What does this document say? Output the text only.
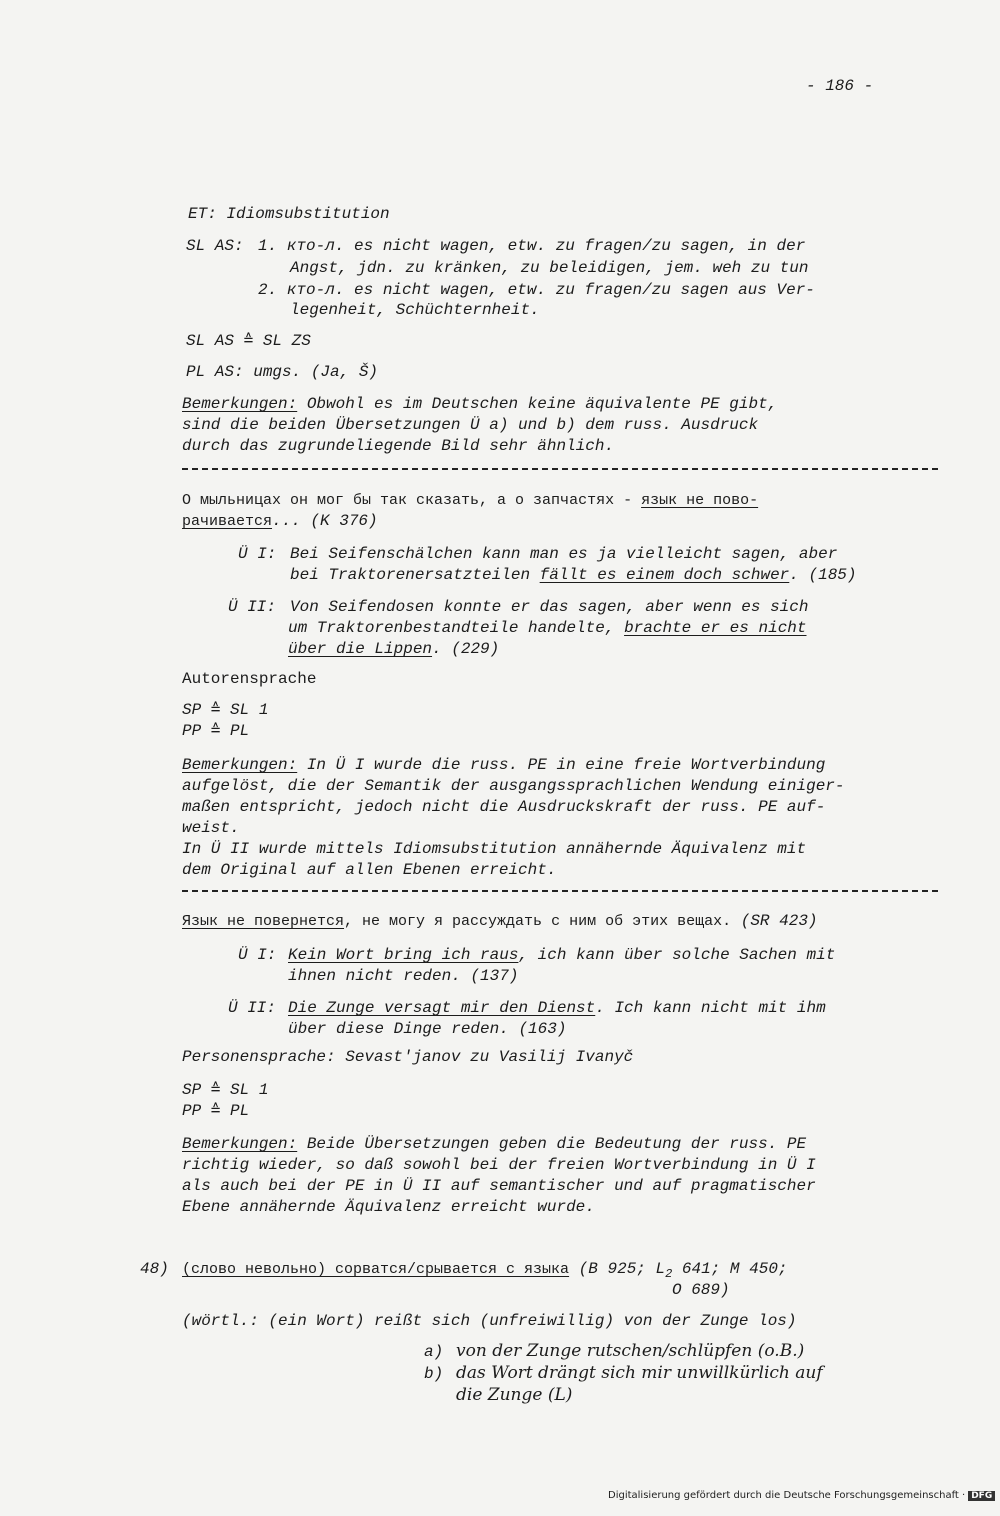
- 186 -
ET: Idiomsubstitution
SL AS: 1. кто-л. es nicht wagen, etw. zu fragen/zu sagen, in der
Angst, jdn. zu kränken, zu beleidigen, jem. weh zu tun
2. кто-л. es nicht wagen, etw. zu fragen/zu sagen aus Ver-
legenheit, Schüchternheit.
SL AS ≙ SL ZS
PL AS: umgs. (Ja, Š)
Bemerkungen: Obwohl es im Deutschen keine äquivalente PE gibt,
sind die beiden Übersetzungen Ü a) und b) dem russ. Ausdruck
durch das zugrundeliegende Bild sehr ähnlich.
О мыльницах он мог бы так сказать, а о запчастях - язык не пово-
рачивается... (K 376)
Ü I: Bei Seifenschälchen kann man es ja vielleicht sagen, aber
bei Traktorenersatzteilen fällt es einem doch schwer. (185)
Ü II: Von Seifendosen konnte er das sagen, aber wenn es sich
um Traktorenbestandteile handelte, brachte er es nicht
über die Lippen. (229)
Autorensprache
SP ≙ SL 1
PP ≙ PL
Bemerkungen: In Ü I wurde die russ. PE in eine freie Wortverbindung
aufgelöst, die der Semantik der ausgangssprachlichen Wendung einiger-
maßen entspricht, jedoch nicht die Ausdruckskraft der russ. PE auf-
weist.
In Ü II wurde mittels Idiomsubstitution annähernde Äquivalenz mit
dem Original auf allen Ebenen erreicht.
Язык не повернется, не могу я рассуждать с ним об этих вещах. (SR 423)
Ü I: Kein Wort bring ich raus, ich kann über solche Sachen mit
ihnen nicht reden. (137)
Ü II: Die Zunge versagt mir den Dienst. Ich kann nicht mit ihm
über diese Dinge reden. (163)
Personensprache: Sevast'janov zu Vasilij Ivanyč
SP ≙ SL 1
PP ≙ PL
Bemerkungen: Beide Übersetzungen geben die Bedeutung der russ. PE
richtig wieder, so daß sowohl bei der freien Wortverbindung in Ü I
als auch bei der PE in Ü II auf semantischer und auf pragmatischer
Ebene annähernde Äquivalenz erreicht wurde.
48) (слово невольно) сорватся/срывается с языка (B 925; $L_2$ 641; M 450;
O 689)
(wörtl.: (ein Wort) reißt sich (unfreiwillig) von der Zunge los)
a) von der Zunge rutschen/schlüpfen (o.B.)
b) das Wort drängt sich mir unwillkürlich auf
die Zunge (L)
Digitalisierung gefördert durch die Deutsche Forschungsgemeinschaft · DFG
